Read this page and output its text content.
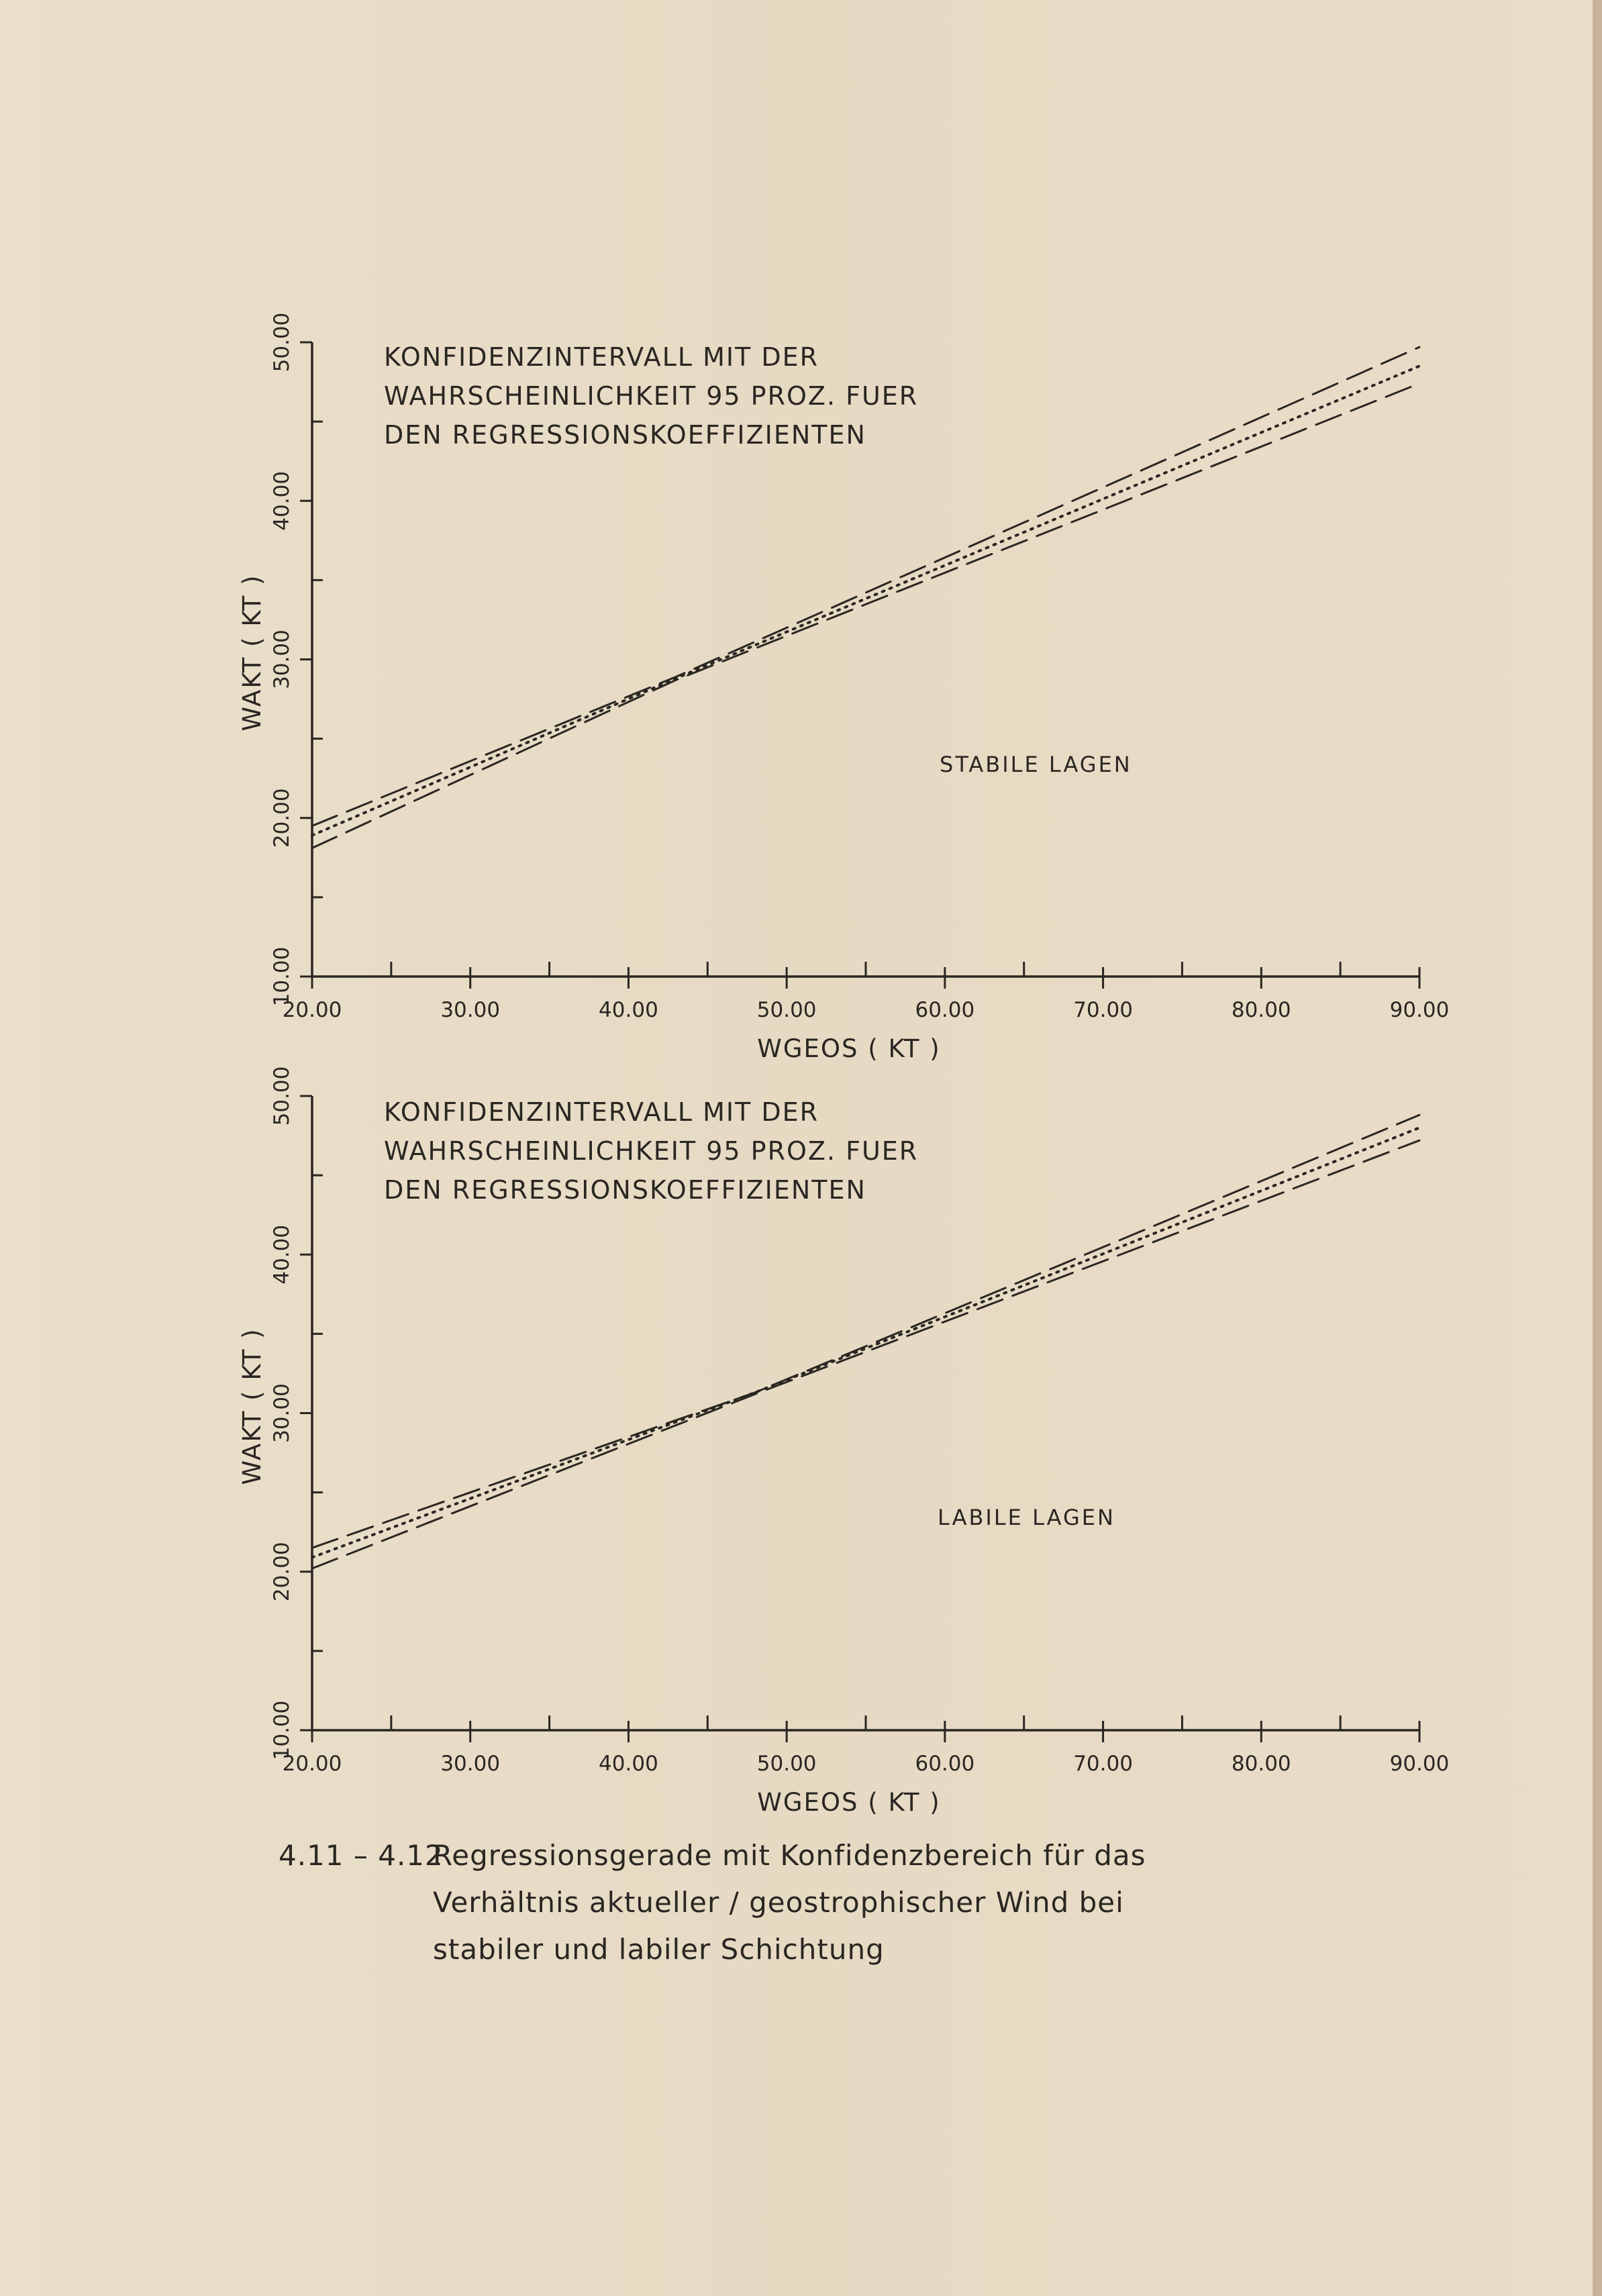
20.00	30.00	40.00	50.00	60.00	70.00	80.00	90.00
10.00
20.00
30.00
40.00
50.00
WGEOS ( KT )
WAKT ( KT )
KONFIDENZINTERVALL MIT DER
WAHRSCHEINLICHKEIT 95 PROZ. FUER
DEN REGRESSIONSKOEFFIZIENTEN
STABILE LAGEN
20.00	30.00	40.00	50.00	60.00	70.00	80.00	90.00
10.00
20.00
30.00
40.00
50.00
WGEOS ( KT )
WAKT ( KT )
KONFIDENZINTERVALL MIT DER
WAHRSCHEINLICHKEIT 95 PROZ. FUER
DEN REGRESSIONSKOEFFIZIENTEN
LABILE LAGEN
4.11 – 4.12
Regressionsgerade mit Konfidenzbereich für das
Verhältnis aktueller / geostrophischer Wind bei
stabiler und labiler Schichtung
